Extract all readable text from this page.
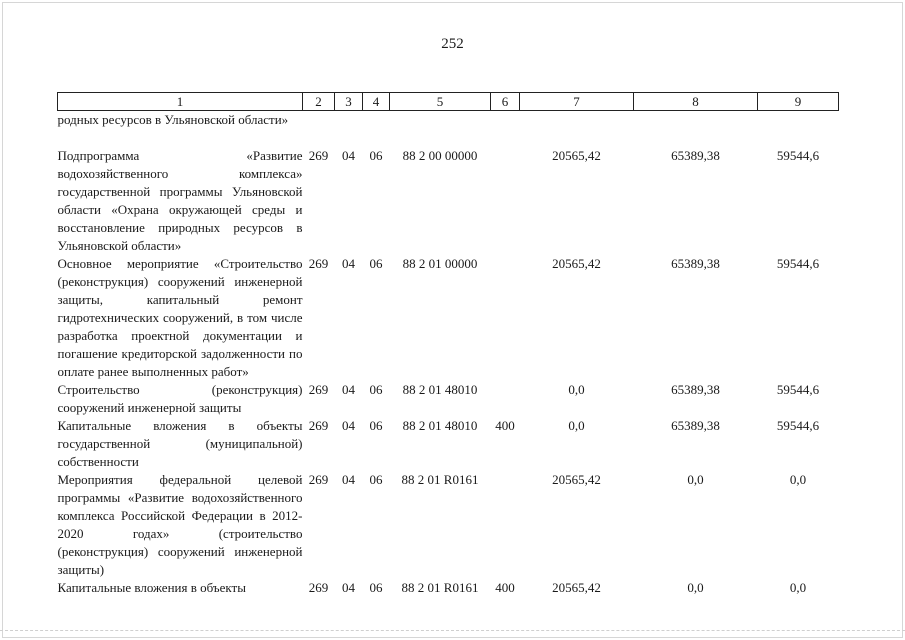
252
1	2	3	4	5	6	7	8	9
родных ресурсов в Ульяновской области»								
Подпрограмма «Развитие водохозяйственного комплекса» государственной программы Ульяновской области «Охрана окружающей среды и восстановление природных ресурсов в Ульяновской области»	269	04	06	88 2 00 00000		20565,42	65389,38	59544,6
Основное мероприятие «Строительство (реконструкция) сооружений инженерной защиты, капитальный ремонт гидротехнических сооружений, в том числе разработка проектной документации и погашение кредиторской задолженности по оплате ранее выполненных работ»	269	04	06	88 2 01 00000		20565,42	65389,38	59544,6
Строительство (реконструкция) сооружений инженерной защиты	269	04	06	88 2 01 48010		0,0	65389,38	59544,6
Капитальные вложения в объекты государственной (муниципальной) собственности	269	04	06	88 2 01 48010	400	0,0	65389,38	59544,6
Мероприятия федеральной целевой программы «Развитие водохозяйственного комплекса Российской Федерации в 2012-2020 годах» (строительство (реконструкция) сооружений инженерной защиты)	269	04	06	88 2 01 R0161		20565,42	0,0	0,0
Капитальные вложения в объекты	269	04	06	88 2 01 R0161	400	20565,42	0,0	0,0
